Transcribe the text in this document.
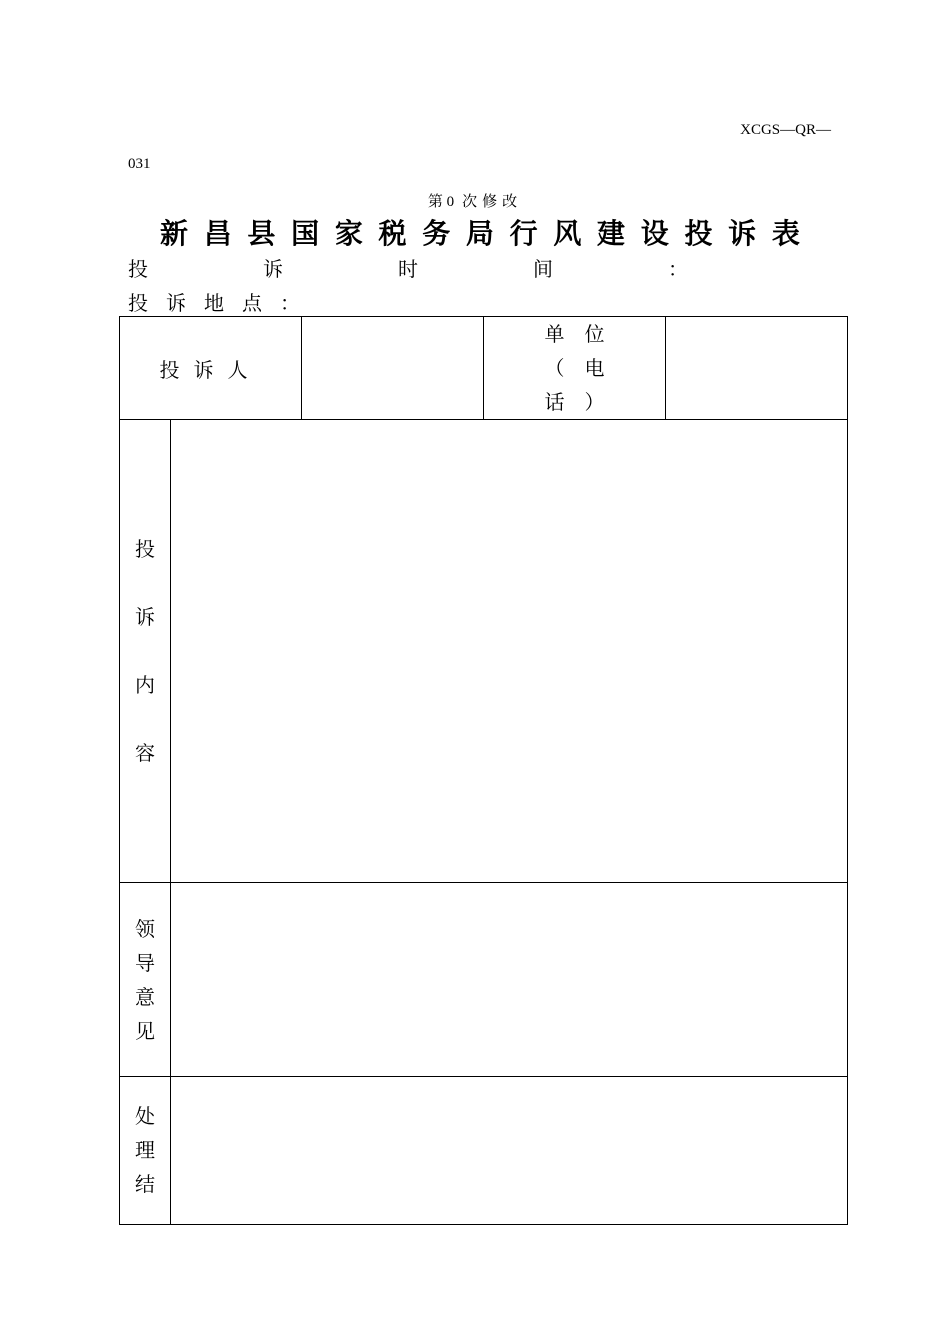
XCGS—QR—
031
第 0 次修改
新 昌 县 国 家 税 务 局 行 风 建 设 投 诉 表
投	诉	时	间	：
投诉地点：
投诉人			单　位
（　电
话　）	

投
诉
内
容				

领
导
意
见				

处
理
结				
